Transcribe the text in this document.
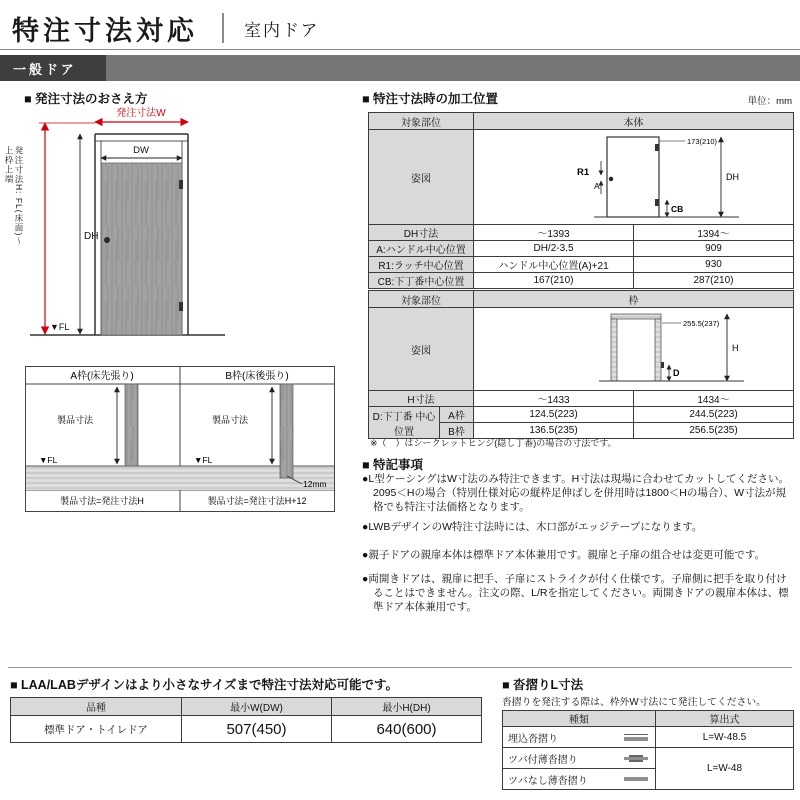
特注寸法対応	室内ドア
一般ドア
■ 発注寸法のおさえ方
発注寸法H: FL(床面)〜上枠上端
DH
発注寸法W
DW
▼FL
A枠(床先張り)	B枠(床後張り)
製品寸法
▼FL
製品寸法
▼FL
12mm
製品寸法=発注寸法H	製品寸法=発注寸法H+12
■ 特注寸法時の加工位置	単位：mm
対象部位	本体	
姿図	173(210)
DH
R1
A
CB	

DH寸法	〜1393	1394〜
A:ハンドル中心位置	DH/2-3.5	909
R1:ラッチ中心位置	ハンドル中心位置(A)+21	930
CB:下丁番中心位置	167(210)	287(210)
対象部位		枠	
姿図		255.5(237)
H
D	

H寸法		〜1433	1434〜
D:下丁番 中心位置	A枠	124.5(223)	244.5(223)
	B枠	136.5(235)	256.5(235)
※（　）はシークレットヒンジ(隠し丁番)の場合の寸法です。
■ 特記事項
●L型ケーシングはW寸法のみ特注できます。H寸法は現場に合わせてカットしてください。2095＜Hの場合（特別仕様対応の縦枠足伸ばしを併用時は1800＜Hの場合）、W寸法が規格でも特注寸法価格となります。
●LWBデザインのW特注寸法時には、木口部がエッジテープになります。
●親子ドアの親扉本体は標準ドア本体兼用です。親扉と子扉の組合せは変更可能です。
●両開きドアは、親扉に把手、子扉にストライクが付く仕様です。子扉側に把手を取り付けることはできません。注文の際、L/Rを指定してください。両開きドアの親扉本体は、標準ドア本体兼用です。
■ LAA/LABデザインはより小さなサイズまで特注寸法対応可能です。
品種	最小W(DW)	最小H(DH)
標準ドア・トイレドア	507(450)	640(600)
■ 沓摺りL寸法
沓摺りを発注する際は、枠外W寸法にて発注してください。
種類	算出式

埋込沓摺り	L=W-48.5

ツバ付薄沓摺り	L=W-48

ツバなし薄沓摺り	
